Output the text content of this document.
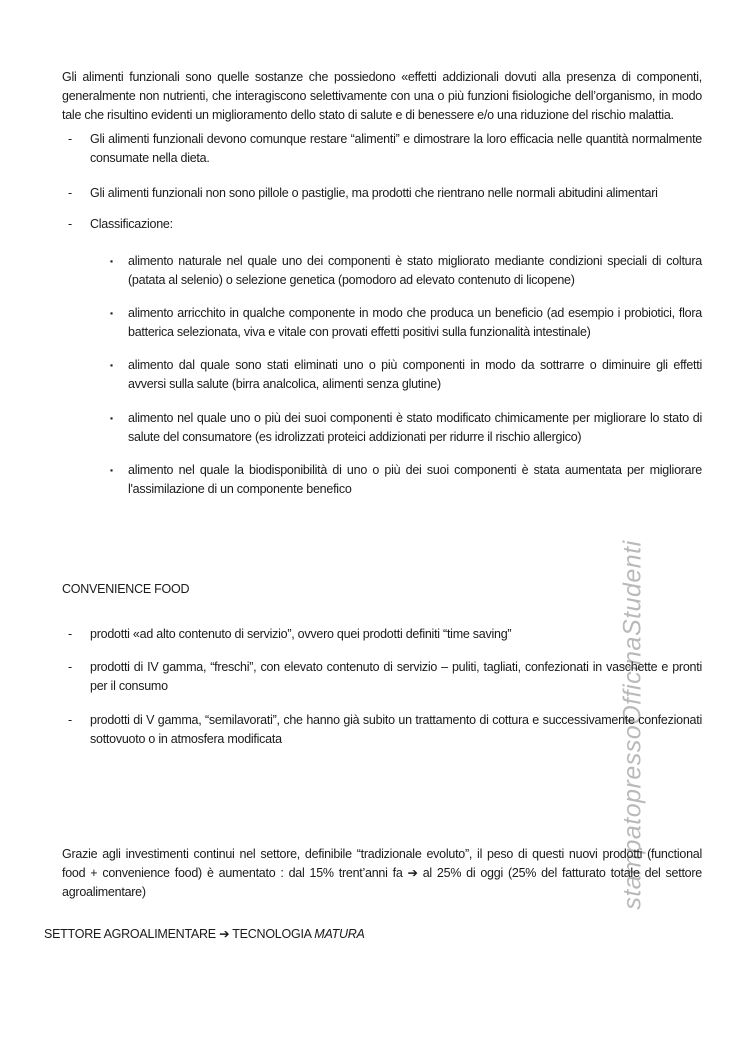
stampatopressoOfficinaStudenti

Gli alimenti funzionali sono quelle sostanze che possiedono «effetti addizionali dovuti alla presenza di componenti, generalmente non nutrienti, che interagiscono selettivamente con una o più funzioni fisiologiche dell’organismo, in modo tale che risultino evidenti un miglioramento dello stato di salute e di benessere e/o una riduzione del rischio malattia.

-	Gli alimenti funzionali devono comunque restare “alimenti” e dimostrare la loro efficacia nelle quantità normalmente consumate nella dieta.
-	Gli alimenti funzionali non sono pillole o pastiglie, ma prodotti che rientrano nelle normali abitudini alimentari
-	Classificazione:
▪	alimento naturale nel quale uno dei componenti è stato migliorato mediante condizioni speciali di coltura (patata al selenio) o selezione genetica (pomodoro ad elevato contenuto di licopene)
▪	alimento arricchito in qualche componente in modo che produca un beneficio (ad esempio i probiotici, flora batterica selezionata, viva e vitale con provati effetti positivi sulla funzionalità intestinale)
▪	alimento dal quale sono stati eliminati uno o più componenti in modo da sottrarre o diminuire gli effetti avversi sulla salute (birra analcolica, alimenti senza glutine)
▪	alimento nel quale uno o più dei suoi componenti è stato modificato chimicamente per migliorare lo stato di salute del consumatore (es idrolizzati proteici addizionati per ridurre il rischio allergico)
▪	alimento nel quale la biodisponibilità di uno o più dei suoi componenti è stata aumentata per migliorare l'assimilazione di un componente benefico

CONVENIENCE FOOD

-	prodotti «ad alto contenuto di servizio”, ovvero quei prodotti definiti “time saving”
-	prodotti di IV gamma, “freschi”, con elevato contenuto di servizio – puliti, tagliati, confezionati in vaschette e pronti per il consumo
-	prodotti di V gamma, “semilavorati”, che hanno già subito un trattamento di cottura e successivamente confezionati sottovuoto o in atmosfera modificata

Grazie agli investimenti continui nel settore, definibile “tradizionale evoluto”, il peso di questi nuovi prodotti (functional food + convenience food) è aumentato : dal 15% trent’anni fa ➔ al 25% di oggi (25% del fatturato totale del settore agroalimentare)

SETTORE AGROALIMENTARE ➔ TECNOLOGIA MATURA
